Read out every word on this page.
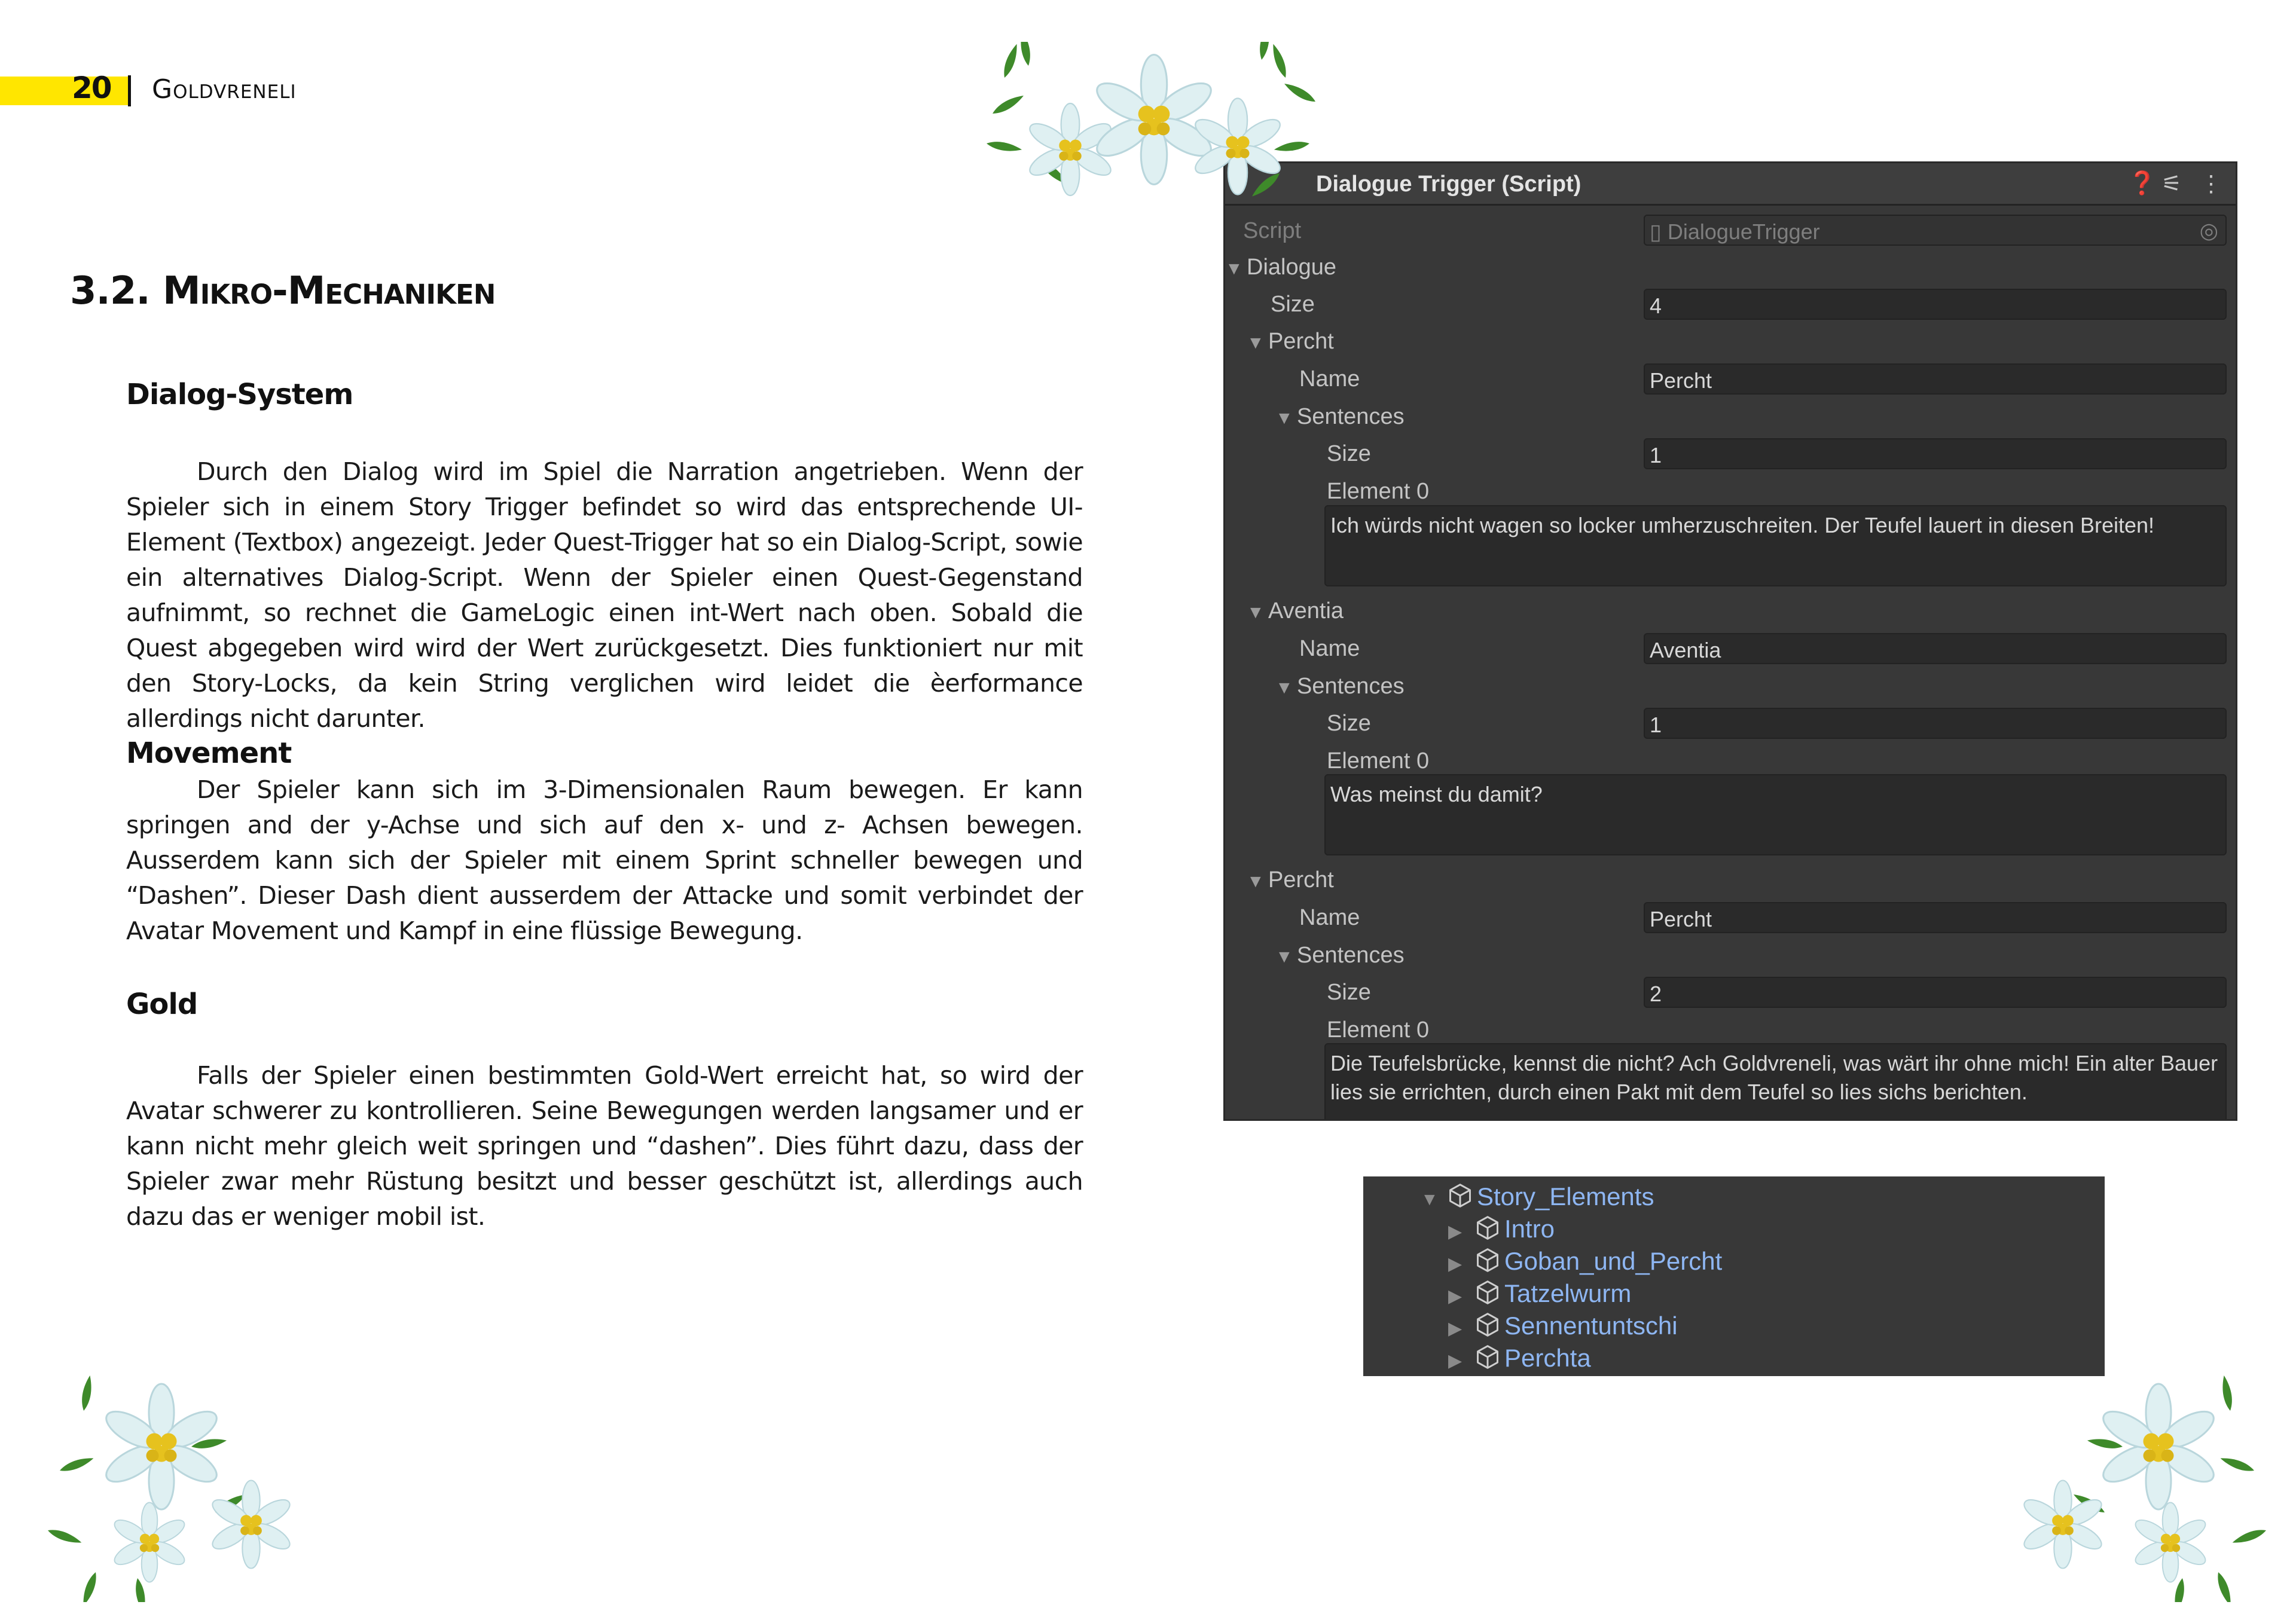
20 Goldvreneli
3.2. Mikro-Mechaniken
Dialog-System
Durch den Dialog wird im Spiel die Narration angetrieben. Wenn der Spieler sich in einem Story Trigger befindet so wird das entsprechende UI-Element (Textbox) angezeigt. Jeder Quest-Trigger hat so ein Dialog-Script, sowie ein alternatives Dialog-Script. Wenn der Spieler einen Quest-Gegenstand aufnimmt, so rechnet die GameLogic einen int-Wert nach oben. Sobald die Quest abgegeben wird wird der Wert zurückgesetzt. Dies funktioniert nur mit den Story-Locks, da kein String verglichen wird leidet die èerformance allerdings nicht darunter.
Movement
Der Spieler kann sich im 3-Dimensionalen Raum bewegen. Er kann springen and der y-Achse und sich auf den x- und z- Achsen bewegen. Ausserdem kann sich der Spieler mit einem Sprint schneller bewegen und “Dashen”. Dieser Dash dient ausserdem der Attacke und somit verbindet der Avatar Movement und Kampf in eine flüssige Bewegung.
Gold
Falls der Spieler einen bestimmten Gold-Wert erreicht hat, so wird der Avatar schwerer zu kontrollieren. Seine Bewegungen werden langsamer und er kann nicht mehr gleich weit springen und “dashen”. Dies führt dazu, dass der Spieler zwar mehr Rüstung besitzt und besser geschützt ist, allerdings auch dazu das er weniger mobil ist.
Dialogue Trigger (Script)	❓ ⚟ ⋮
Script	▯ DialogueTrigger	◎
▼ Dialogue
Size	4
▼ Percht
Name	Percht
▼ Sentences
Size	1
Element 0
Ich würds nicht wagen so locker umherzuschreiten. Der Teufel lauert in diesen Breiten!
▼ Aventia
Name	Aventia
▼ Sentences
Size	1
Element 0
Was meinst du damit?
▼ Percht
Name	Percht
▼ Sentences
Size	2
Element 0
Die Teufelsbrücke, kennst die nicht? Ach Goldvreneli, was wärt ihr ohne mich! Ein alter Bauer lies sie errichten, durch einen Pakt mit dem Teufel so lies sichs berichten.
▼ Story_Elements
▶ Intro
▶ Goban_und_Percht
▶ Tatzelwurm
▶ Sennentuntschi
▶ Perchta
